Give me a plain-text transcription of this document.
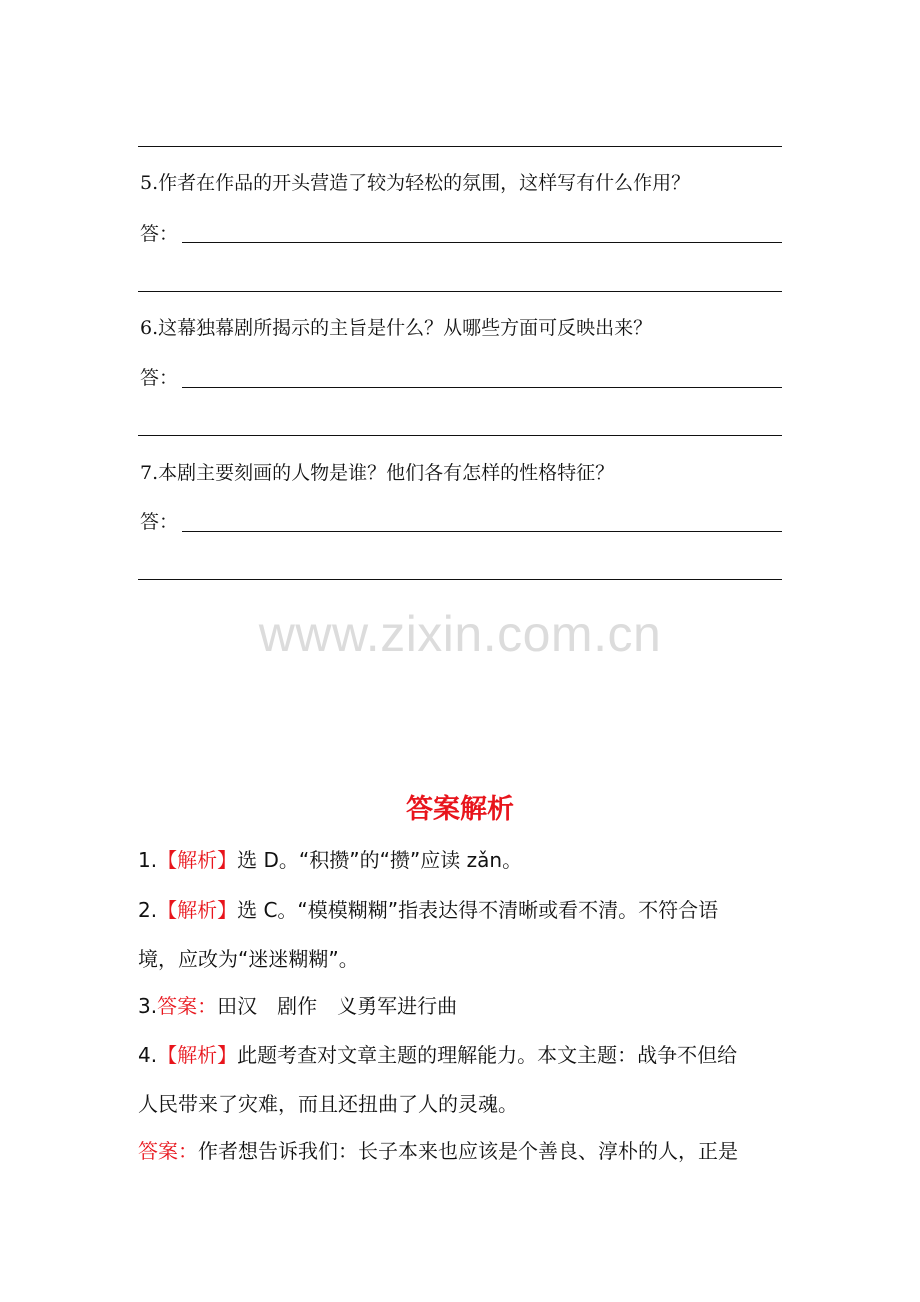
5.作者在作品的开头营造了较为轻松的氛围，这样写有什么作用？
答：
6.这幕独幕剧所揭示的主旨是什么？从哪些方面可反映出来？
答：
7.本剧主要刻画的人物是谁？他们各有怎样的性格特征？
答：
www.zixin.com.cn
答案解析
1.【解析】选 D。“积攒”的“攒”应读 zǎn。
2.【解析】选 C。“模模糊糊”指表达得不清晰或看不清。不符合语
境，应改为“迷迷糊糊”。
3.答案：田汉　剧作　义勇军进行曲
4.【解析】此题考查对文章主题的理解能力。本文主题：战争不但给
人民带来了灾难，而且还扭曲了人的灵魂。
答案：作者想告诉我们：长子本来也应该是个善良、淳朴的人，正是
